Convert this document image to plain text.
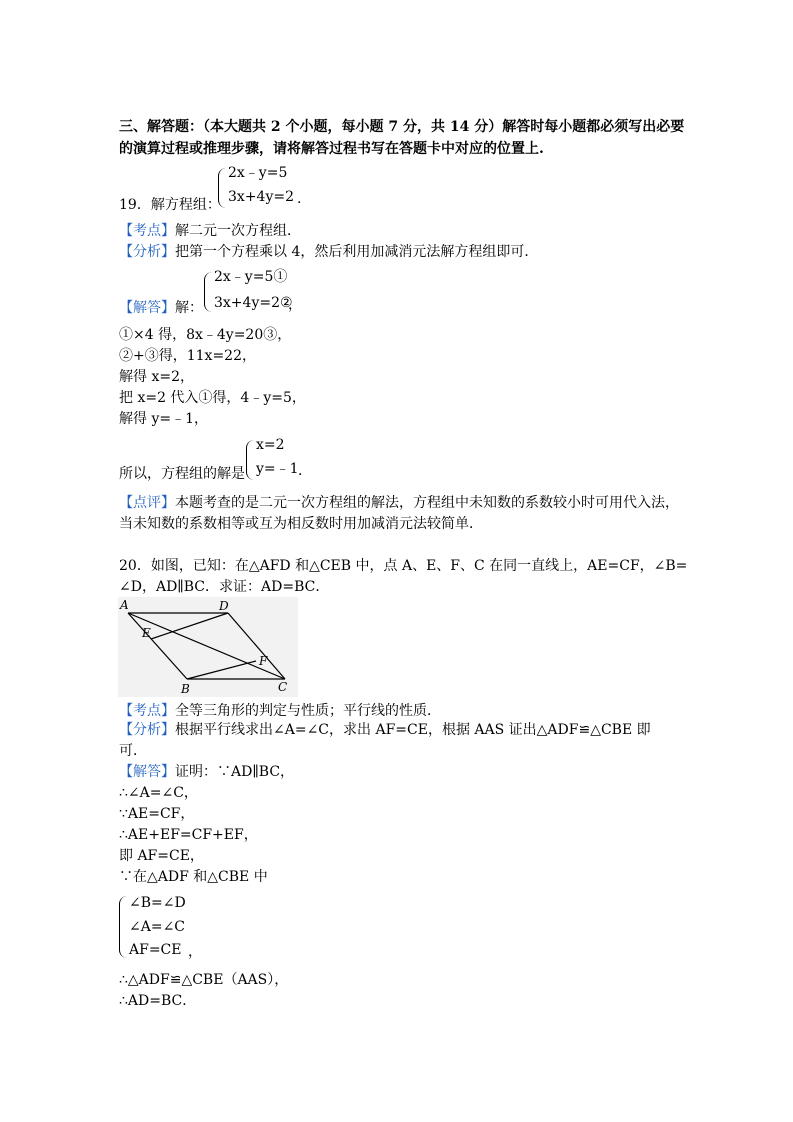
三、解答题：（本大题共 2 个小题，每小题 7 分，共 14 分）解答时每小题都必须写出必要
的演算过程或推理步骤，请将解答过程书写在答题卡中对应的位置上.
2x﹣y=5
3x+4y=2 .
19．解方程组：
【考点】解二元一次方程组．
【分析】把第一个方程乘以 4，然后利用加减消元法解方程组即可．
【解答】解：
2x﹣y=5①
3x+4y=2②
，
①×4 得，8x﹣4y=20③，
②+③得，11x=22，
解得 x=2，
把 x=2 代入①得，4﹣y=5，
解得 y=﹣1，
所以，方程组的解是
x=2
y=﹣1 ．
【点评】本题考查的是二元一次方程组的解法，方程组中未知数的系数较小时可用代入法，
当未知数的系数相等或互为相反数时用加减消元法较简单．
20．如图，已知：在△AFD 和△CEB 中，点 A、E、F、C 在同一直线上，AE=CF，∠B=
∠D，AD∥BC．求证：AD=BC．
A	D
E
F
B	C
【考点】全等三角形的判定与性质；平行线的性质．
【分析】根据平行线求出∠A=∠C，求出 AF=CE，根据 AAS 证出△ADF≌△CBE 即
可．
【解答】证明：∵AD∥BC，
∴∠A=∠C，
∵AE=CF，
∴AE+EF=CF+EF，
即 AF=CE，
∵在△ADF 和△CBE 中
∠B=∠D
∠A=∠C
AF=CE ，
∴△ADF≌△CBE（AAS），
∴AD=BC．
